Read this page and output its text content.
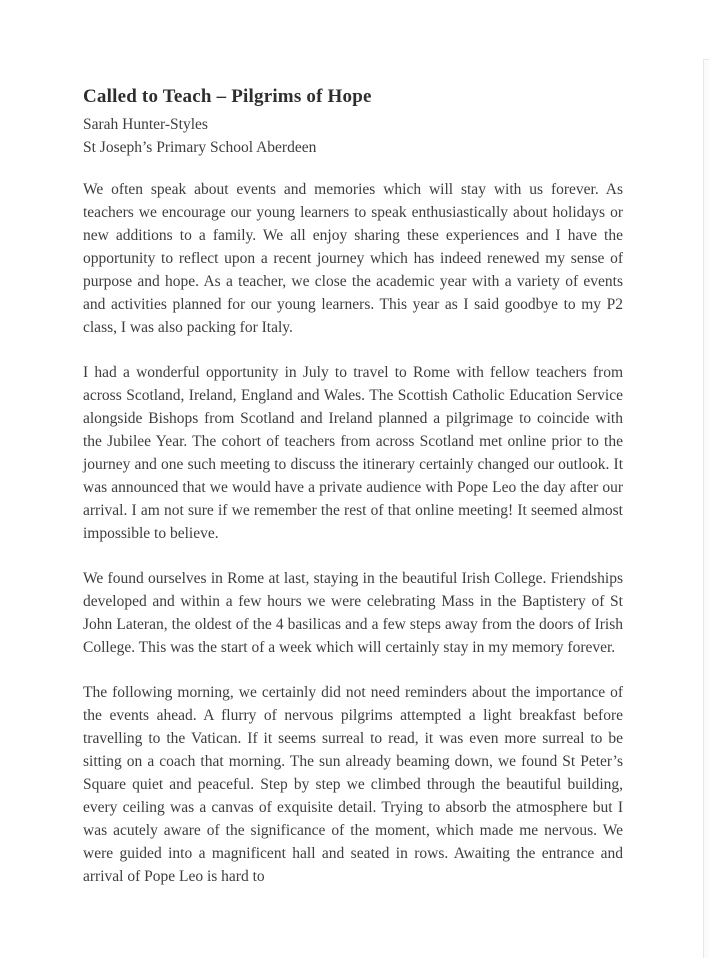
Called to Teach – Pilgrims of Hope
Sarah Hunter-Styles
St Joseph’s Primary School Aberdeen

We often speak about events and memories which will stay with us forever. As teachers we encourage our young learners to speak enthusiastically about holidays or new additions to a family. We all enjoy sharing these experiences and I have the opportunity to reflect upon a recent journey which has indeed renewed my sense of purpose and hope. As a teacher, we close the academic year with a variety of events and activities planned for our young learners. This year as I said goodbye to my P2 class, I was also packing for Italy.

I had a wonderful opportunity in July to travel to Rome with fellow teachers from across Scotland, Ireland, England and Wales. The Scottish Catholic Education Service alongside Bishops from Scotland and Ireland planned a pilgrimage to coincide with the Jubilee Year. The cohort of teachers from across Scotland met online prior to the journey and one such meeting to discuss the itinerary certainly changed our outlook. It was announced that we would have a private audience with Pope Leo the day after our arrival. I am not sure if we remember the rest of that online meeting! It seemed almost impossible to believe.

We found ourselves in Rome at last, staying in the beautiful Irish College. Friendships developed and within a few hours we were celebrating Mass in the Baptistery of St John Lateran, the oldest of the 4 basilicas and a few steps away from the doors of Irish College. This was the start of a week which will certainly stay in my memory forever.

The following morning, we certainly did not need reminders about the importance of the events ahead. A flurry of nervous pilgrims attempted a light breakfast before travelling to the Vatican. If it seems surreal to read, it was even more surreal to be sitting on a coach that morning. The sun already beaming down, we found St Peter’s Square quiet and peaceful. Step by step we climbed through the beautiful building, every ceiling was a canvas of exquisite detail. Trying to absorb the atmosphere but I was acutely aware of the significance of the moment, which made me nervous. We were guided into a magnificent hall and seated in rows. Awaiting the entrance and arrival of Pope Leo is hard to
